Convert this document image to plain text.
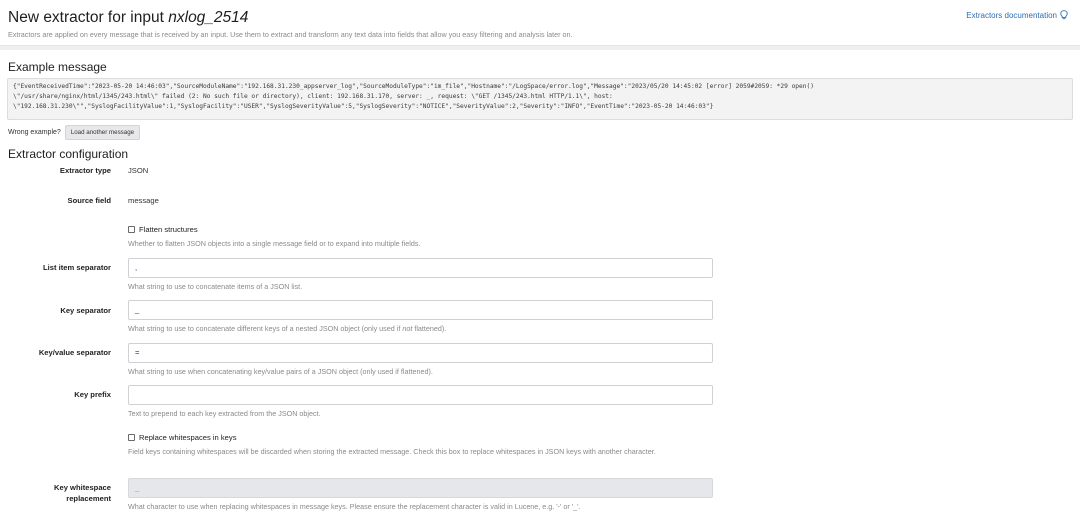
New extractor for input nxlog_2514
Extractors are applied on every message that is received by an input. Use them to extract and transform any text data into fields that allow you easy filtering and analysis later on.
Extractors documentation
Example message
{"EventReceivedTime":"2023-05-20 14:46:03","SourceModuleName":"192.168.31.230_appserver_log","SourceModuleType":"im_file","Hostname":"/LogSpace/error.log","Message":"2023/05/20 14:45:02 [error] 2059#2059: *29 open()
\"/usr/share/nginx/html/1345/243.html\" failed (2: No such file or directory), client: 192.168.31.170, server: _, request: \"GET /1345/243.html HTTP/1.1\", host:
\"192.168.31.230\"","SyslogFacilityValue":1,"SyslogFacility":"USER","SyslogSeverityValue":5,"SyslogSeverity":"NOTICE","SeverityValue":2,"Severity":"INFO","EventTime":"2023-05-20 14:46:03"}
Wrong example?	Load another message
Extractor configuration
Extractor type JSON
Source field message
Flatten structures
Whether to flatten JSON objects into a single message field or to expand into multiple fields.
List item separator	,
What string to use to concatenate items of a JSON list.
Key separator	_
What string to use to concatenate different keys of a nested JSON object (only used if not flattened).
Key/value separator	=
What string to use when concatenating key/value pairs of a JSON object (only used if flattened).
Key prefix
Text to prepend to each key extracted from the JSON object.
Replace whitespaces in keys
Field keys containing whitespaces will be discarded when storing the extracted message. Check this box to replace whitespaces in JSON keys with another character.
Key whitespace
replacement
_
What character to use when replacing whitespaces in message keys. Please ensure the replacement character is valid in Lucene, e.g. '-' or '_'.
